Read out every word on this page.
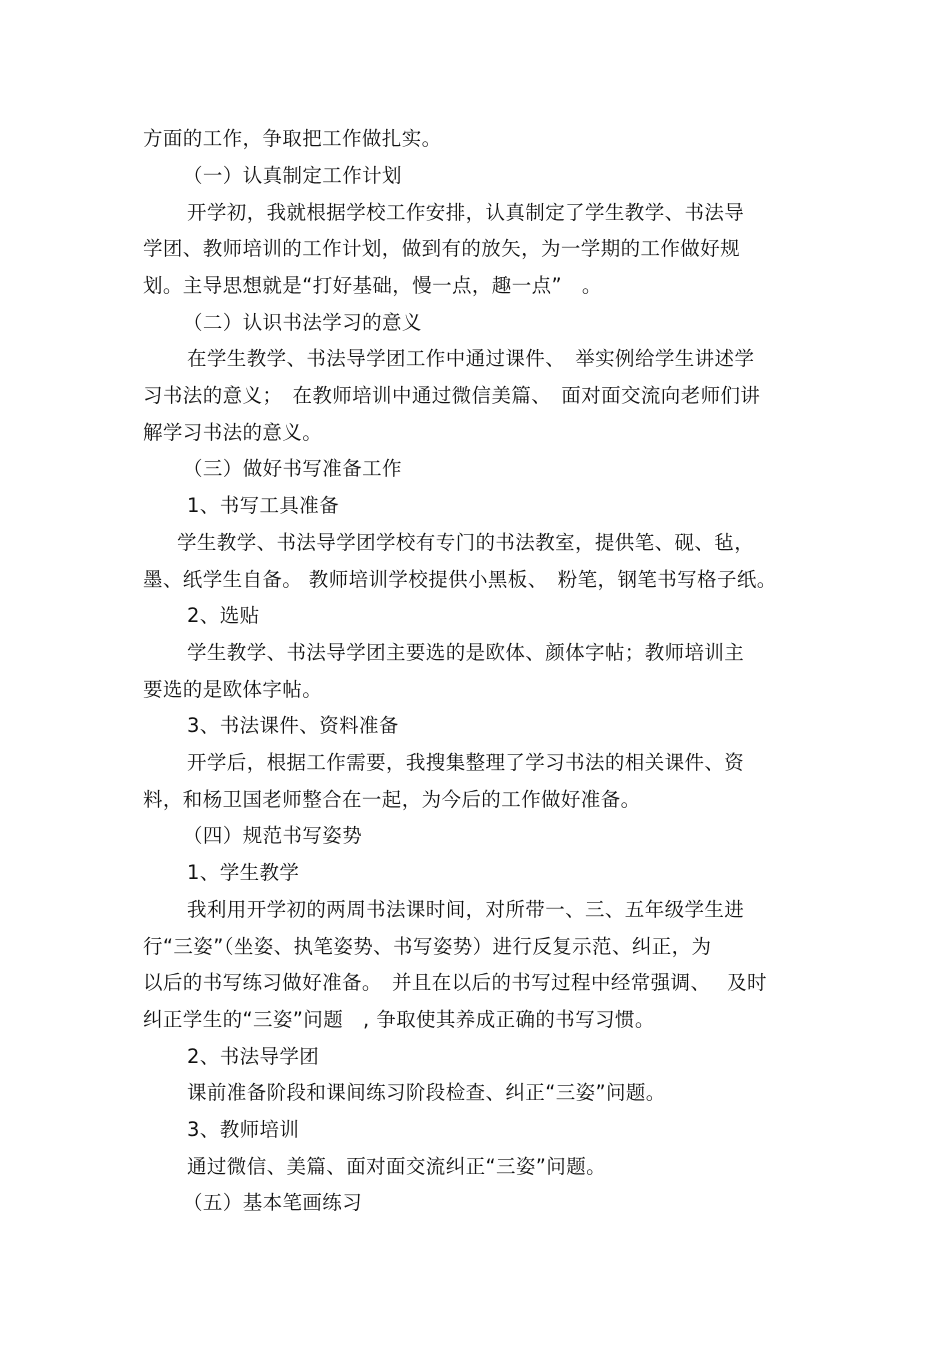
方面的工作，争取把工作做扎实。
（一）认真制定工作计划
开学初，我就根据学校工作安排，认真制定了学生教学、书法导
学团、教师培训的工作计划，做到有的放矢，为一学期的工作做好规
划。主导思想就是“打好基础，慢一点，趣一点”　。
（二）认识书法学习的意义
在学生教学、书法导学团工作中通过课件、　举实例给学生讲述学
习书法的意义；　在教师培训中通过微信美篇、　面对面交流向老师们讲
解学习书法的意义。
（三）做好书写准备工作
1、书写工具准备
学生教学、书法导学团学校有专门的书法教室，提供笔、砚、毡，
墨、纸学生自备。 教师培训学校提供小黑板、　粉笔，钢笔书写格子纸。
2、选贴
学生教学、书法导学团主要选的是欧体、颜体字帖；教师培训主
要选的是欧体字帖。
3、书法课件、资料准备
开学后，根据工作需要，我搜集整理了学习书法的相关课件、资
料，和杨卫国老师整合在一起，为今后的工作做好准备。
（四）规范书写姿势
1、学生教学
我利用开学初的两周书法课时间，对所带一、三、五年级学生进
行“三姿”（坐姿、执笔姿势、书写姿势）进行反复示范、纠正，为
以后的书写练习做好准备。　并且在以后的书写过程中经常强调、　 及时
纠正学生的“三姿”问题　, 争取使其养成正确的书写习惯。
2、书法导学团
课前准备阶段和课间练习阶段检查、纠正“三姿”问题。
3、教师培训
通过微信、美篇、面对面交流纠正“三姿”问题。
（五）基本笔画练习
